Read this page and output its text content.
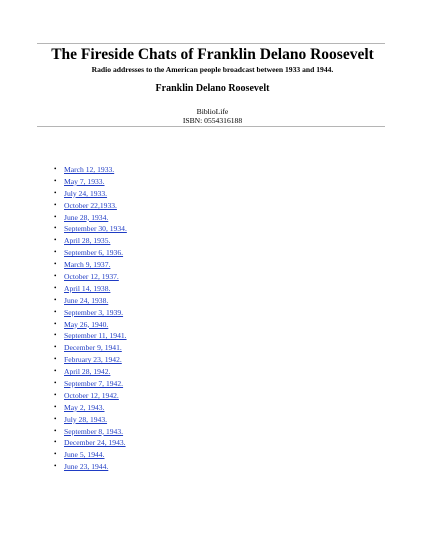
The Fireside Chats of Franklin Delano Roosevelt
Radio addresses to the American people broadcast between 1933 and 1944.
Franklin Delano Roosevelt
BiblioLife
ISBN: 0554316188
• March 12, 1933.
• May 7, 1933.
• July 24, 1933.
• October 22,1933.
• June 28, 1934.
• September 30, 1934.
• April 28, 1935.
• September 6, 1936.
• March 9, 1937.
• October 12, 1937.
• April 14, 1938.
• June 24, 1938.
• September 3, 1939.
• May 26, 1940.
• September 11, 1941.
• December 9, 1941.
• February 23, 1942.
• April 28, 1942.
• September 7, 1942.
• October 12, 1942.
• May 2, 1943.
• July 28, 1943.
• September 8, 1943.
• December 24, 1943.
• June 5, 1944.
• June 23, 1944.
